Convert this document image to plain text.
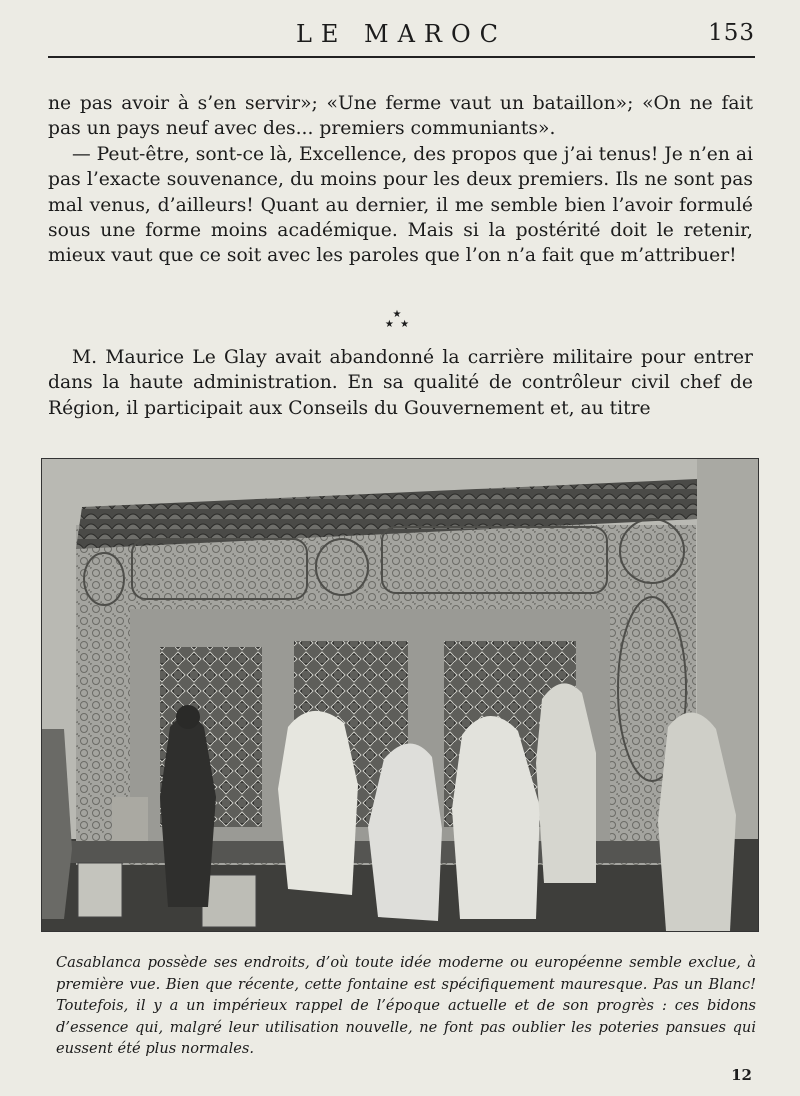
LE MAROC	153

ne pas avoir à s’en servir»; «Une ferme vaut un bataillon»; «On ne fait pas un pays neuf avec des... premiers communiants».

— Peut-être, sont-ce là, Excellence, des propos que j’ai tenus! Je n’en ai pas l’exacte souvenance, du moins pour les deux premiers. Ils ne sont pas mal venus, d’ailleurs! Quant au dernier, il me semble bien l’avoir formulé sous une forme moins académique. Mais si la postérité doit le retenir, mieux vaut que ce soit avec les paroles que l’on n’a fait que m’attribuer!

★
★  ★

M. Maurice Le Glay avait abandonné la carrière militaire pour entrer dans la haute administration. En sa qualité de contrôleur civil chef de Région, il participait aux Conseils du Gouvernement et, au titre

Casablanca possède ses endroits, d’où toute idée moderne ou européenne semble exclue, à première vue. Bien que récente, cette fontaine est spécifiquement mauresque. Pas un Blanc! Toutefois, il y a un impérieux rappel de l’époque actuelle et de son progrès : ces bidons d’essence qui, malgré leur utilisation nouvelle, ne font pas oublier les poteries pansues qui eussent été plus normales.
12
